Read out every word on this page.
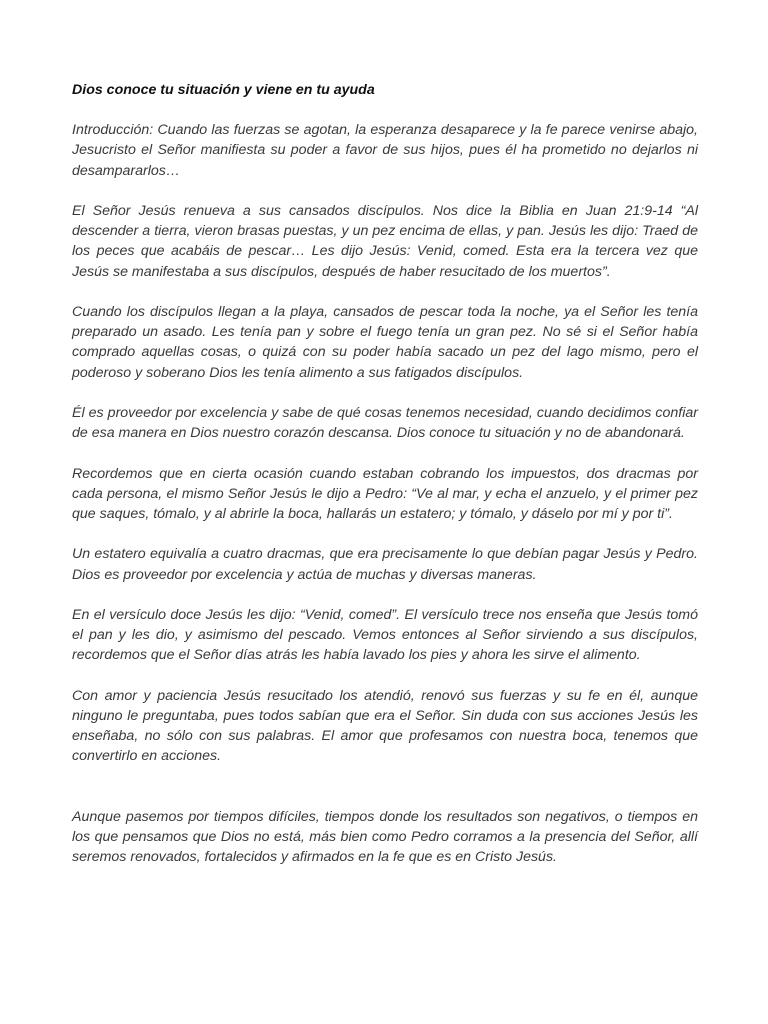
Dios conoce tu situación y viene en tu ayuda

Introducción: Cuando las fuerzas se agotan, la esperanza desaparece y la fe parece venirse abajo, Jesucristo el Señor manifiesta su poder a favor de sus hijos, pues él ha prometido no dejarlos ni desampararlos…

El Señor Jesús renueva a sus cansados discípulos. Nos dice la Biblia en Juan 21:9-14 “Al descender a tierra, vieron brasas puestas, y un pez encima de ellas, y pan. Jesús les dijo: Traed de los peces que acabáis de pescar… Les dijo Jesús: Venid, comed. Esta era la tercera vez que Jesús se manifestaba a sus discípulos, después de haber resucitado de los muertos”.

Cuando los discípulos llegan a la playa, cansados de pescar toda la noche, ya el Señor les tenía preparado un asado. Les tenía pan y sobre el fuego tenía un gran pez. No sé si el Señor había comprado aquellas cosas, o quizá con su poder había sacado un pez del lago mismo, pero el poderoso y soberano Dios les tenía alimento a sus fatigados discípulos.

Él es proveedor por excelencia y sabe de qué cosas tenemos necesidad, cuando decidimos confiar de esa manera en Dios nuestro corazón descansa. Dios conoce tu situación y no de abandonará.

Recordemos que en cierta ocasión cuando estaban cobrando los impuestos, dos dracmas por cada persona, el mismo Señor Jesús le dijo a Pedro: “Ve al mar, y echa el anzuelo, y el primer pez que saques, tómalo, y al abrirle la boca, hallarás un estatero; y tómalo, y dáselo por mí y por ti”.

Un estatero equivalía a cuatro dracmas, que era precisamente lo que debían pagar Jesús y Pedro. Dios es proveedor por excelencia y actúa de muchas y diversas maneras.

En el versículo doce Jesús les dijo: “Venid, comed”. El versículo trece nos enseña que Jesús tomó el pan y les dio, y asimismo del pescado. Vemos entonces al Señor sirviendo a sus discípulos, recordemos que el Señor días atrás les había lavado los pies y ahora les sirve el alimento.

Con amor y paciencia Jesús resucitado los atendió, renovó sus fuerzas y su fe en él, aunque ninguno le preguntaba, pues todos sabían que era el Señor. Sin duda con sus acciones Jesús les enseñaba, no sólo con sus palabras. El amor que profesamos con nuestra boca, tenemos que convertirlo en acciones.

Aunque pasemos por tiempos difíciles, tiempos donde los resultados son negativos, o tiempos en los que pensamos que Dios no está, más bien como Pedro corramos a la presencia del Señor, allí seremos renovados, fortalecidos y afirmados en la fe que es en Cristo Jesús.
